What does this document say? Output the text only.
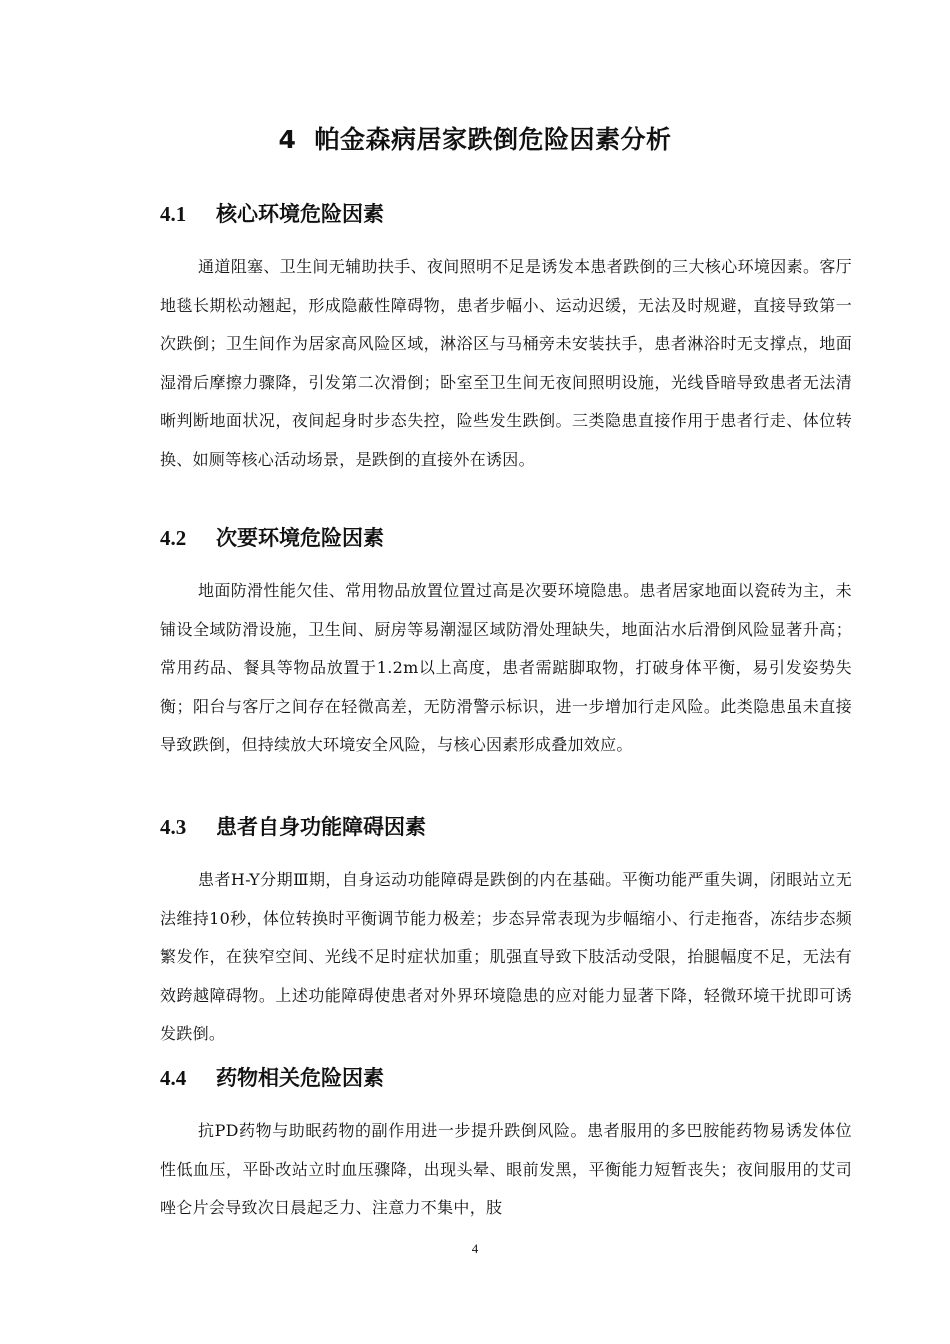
4 帕金森病居家跌倒危险因素分析
4.1 核心环境危险因素

通道阻塞、卫生间无辅助扶手、夜间照明不足是诱发本患者跌倒的三大核心环境因素。客厅地毯长期松动翘起，形成隐蔽性障碍物，患者步幅小、运动迟缓，无法及时规避，直接导致第一次跌倒；卫生间作为居家高风险区域，淋浴区与马桶旁未安装扶手，患者淋浴时无支撑点，地面湿滑后摩擦力骤降，引发第二次滑倒；卧室至卫生间无夜间照明设施，光线昏暗导致患者无法清晰判断地面状况，夜间起身时步态失控，险些发生跌倒。三类隐患直接作用于患者行走、体位转换、如厕等核心活动场景，是跌倒的直接外在诱因。

4.2 次要环境危险因素

地面防滑性能欠佳、常用物品放置位置过高是次要环境隐患。患者居家地面以瓷砖为主，未铺设全域防滑设施，卫生间、厨房等易潮湿区域防滑处理缺失，地面沾水后滑倒风险显著升高；常用药品、餐具等物品放置于1.2m以上高度，患者需踮脚取物，打破身体平衡，易引发姿势失衡；阳台与客厅之间存在轻微高差，无防滑警示标识，进一步增加行走风险。此类隐患虽未直接导致跌倒，但持续放大环境安全风险，与核心因素形成叠加效应。

4.3 患者自身功能障碍因素

患者H-Y分期Ⅲ期，自身运动功能障碍是跌倒的内在基础。平衡功能严重失调，闭眼站立无法维持10秒，体位转换时平衡调节能力极差；步态异常表现为步幅缩小、行走拖沓，冻结步态频繁发作，在狭窄空间、光线不足时症状加重；肌强直导致下肢活动受限，抬腿幅度不足，无法有效跨越障碍物。上述功能障碍使患者对外界环境隐患的应对能力显著下降，轻微环境干扰即可诱发跌倒。

4.4 药物相关危险因素

抗PD药物与助眠药物的副作用进一步提升跌倒风险。患者服用的多巴胺能药物易诱发体位性低血压，平卧改站立时血压骤降，出现头晕、眼前发黑，平衡能力短暂丧失；夜间服用的艾司唑仑片会导致次日晨起乏力、注意力不集中，肢

4
